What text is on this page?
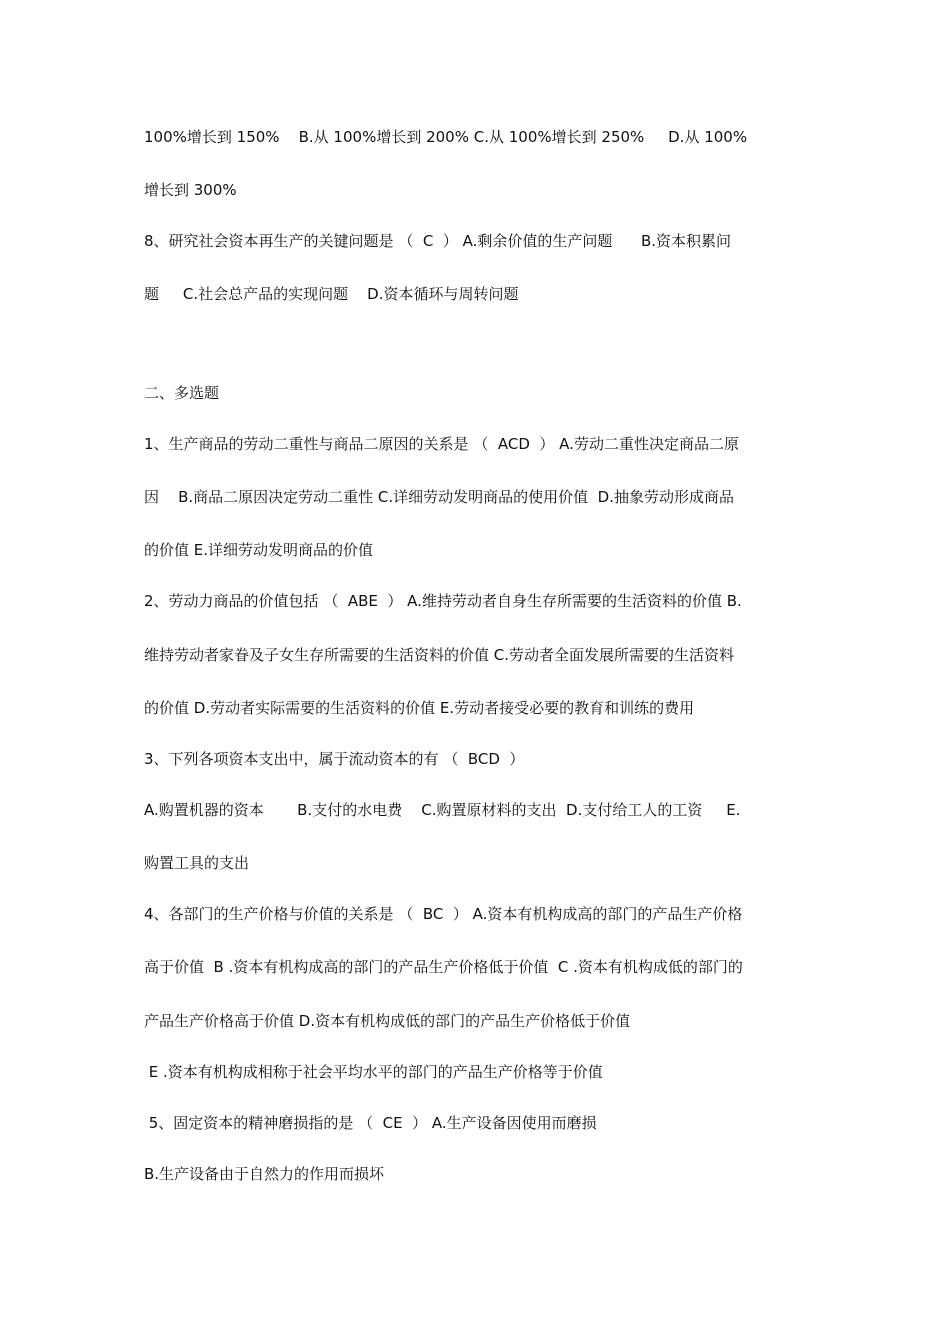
100%增长到 150%    B.从 100%增长到 200% C.从 100%增长到 250%     D.从 100%
增长到 300%
8、研究社会资本再生产的关键问题是 （  C  ） A.剩余价值的生产问题      B.资本积累问
题     C.社会总产品的实现问题    D.资本循环与周转问题
二、多选题
1、生产商品的劳动二重性与商品二原因的关系是 （  ACD  ） A.劳动二重性决定商品二原
因    B.商品二原因决定劳动二重性 C.详细劳动发明商品的使用价值  D.抽象劳动形成商品
的价值 E.详细劳动发明商品的价值
2、劳动力商品的价值包括 （  ABE  ） A.维持劳动者自身生存所需要的生活资料的价值 B.
维持劳动者家眷及子女生存所需要的生活资料的价值 C.劳动者全面发展所需要的生活资料
的价值 D.劳动者实际需要的生活资料的价值 E.劳动者接受必要的教育和训练的费用
3、下列各项资本支出中，属于流动资本的有 （  BCD  ）
A.购置机器的资本       B.支付的水电费    C.购置原材料的支出  D.支付给工人的工资     E.
购置工具的支出
4、各部门的生产价格与价值的关系是 （  BC  ） A.资本有机构成高的部门的产品生产价格
高于价值  B .资本有机构成高的部门的产品生产价格低于价值  C .资本有机构成低的部门的
产品生产价格高于价值 D.资本有机构成低的部门的产品生产价格低于价值
E .资本有机构成相称于社会平均水平的部门的产品生产价格等于价值
5、固定资本的精神磨损指的是 （  CE  ） A.生产设备因使用而磨损
B.生产设备由于自然力的作用而损坏
